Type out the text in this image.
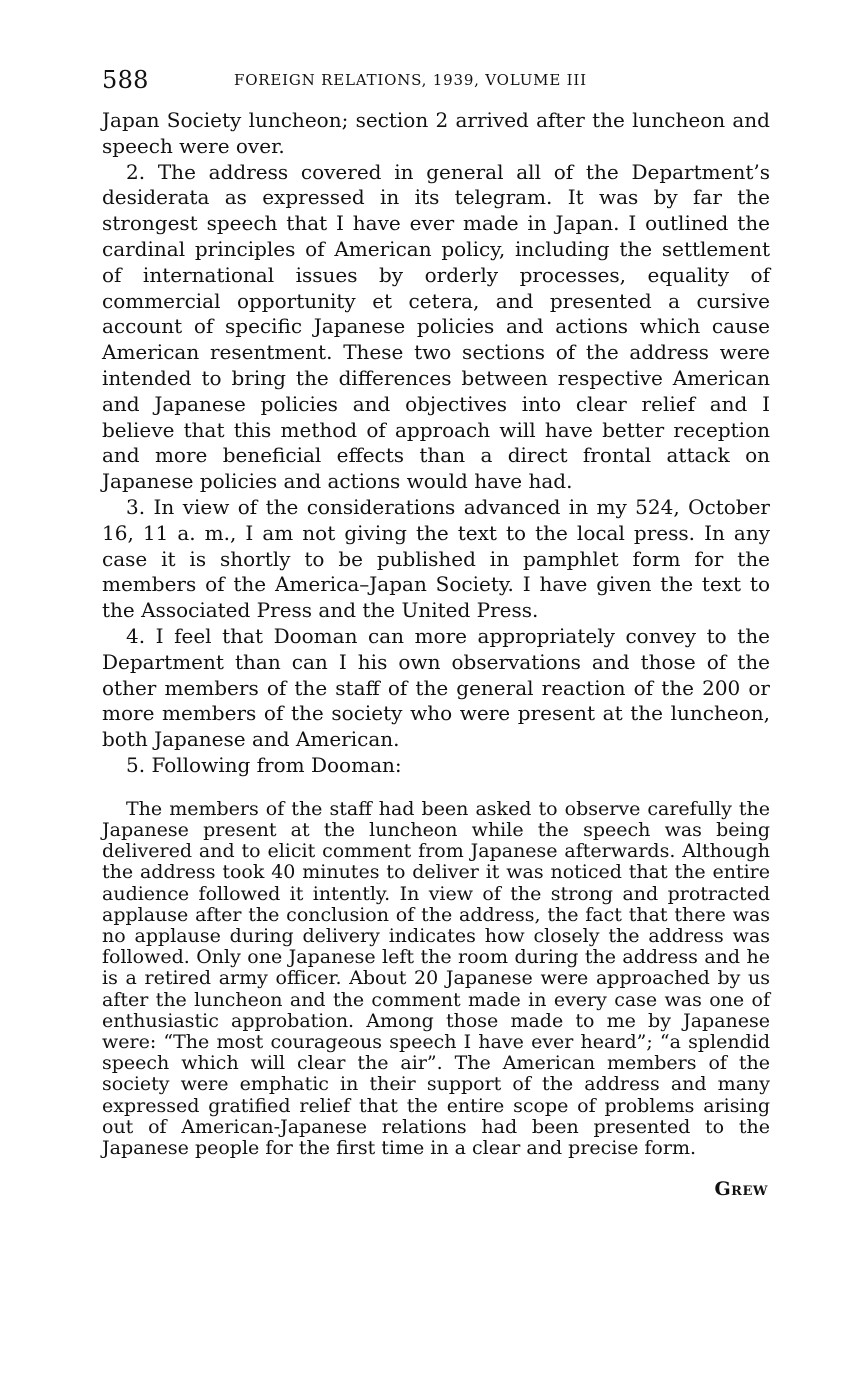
588	FOREIGN RELATIONS, 1939, VOLUME III

Japan Society luncheon; section 2 arrived after the luncheon and speech were over.

2. The address covered in general all of the Department’s desiderata as expressed in its telegram. It was by far the strongest speech that I have ever made in Japan. I outlined the cardinal principles of American policy, including the settlement of international issues by orderly processes, equality of commercial opportunity et cetera, and presented a cursive account of specific Japanese policies and actions which cause American resentment. These two sections of the address were intended to bring the differences between respective American and Japanese policies and objectives into clear relief and I believe that this method of approach will have better reception and more beneficial effects than a direct frontal attack on Japanese policies and actions would have had.

3. In view of the considerations advanced in my 524, October 16, 11 a. m., I am not giving the text to the local press. In any case it is shortly to be published in pamphlet form for the members of the America–Japan Society. I have given the text to the Associated Press and the United Press.

4. I feel that Dooman can more appropriately convey to the Department than can I his own observations and those of the other members of the staff of the general reaction of the 200 or more members of the society who were present at the luncheon, both Japanese and American.

5. Following from Dooman:

The members of the staff had been asked to observe carefully the Japanese present at the luncheon while the speech was being delivered and to elicit comment from Japanese afterwards. Although the address took 40 minutes to deliver it was noticed that the entire audience followed it intently. In view of the strong and protracted applause after the conclusion of the address, the fact that there was no applause during delivery indicates how closely the address was followed. Only one Japanese left the room during the address and he is a retired army officer. About 20 Japanese were approached by us after the luncheon and the comment made in every case was one of enthusiastic approbation. Among those made to me by Japanese were: “The most courageous speech I have ever heard”; “a splendid speech which will clear the air”. The American members of the society were emphatic in their support of the address and many expressed gratified relief that the entire scope of problems arising out of American-Japanese relations had been presented to the Japanese people for the first time in a clear and precise form.

Grew
